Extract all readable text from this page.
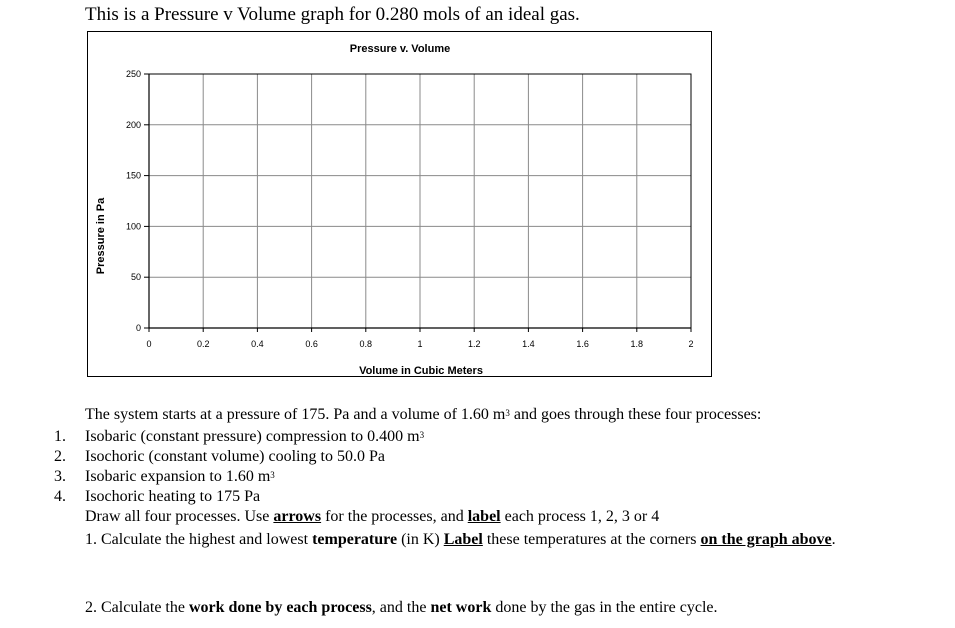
This is a Pressure v Volume graph for 0.280 mols of an ideal gas.
Pressure v. Volume
Volume in Cubic Meters
Pressure in Pa
0	0.2	0.4	0.6	0.8	1	1.2	1.4	1.6	1.8	2
0
50
100
150
200
250
The system starts at a pressure of 175. Pa and a volume of 1.60 $m^3$ and goes through these four processes:
1. Isobaric (constant pressure) compression to 0.400 $m^3$
2. Isochoric (constant volume) cooling to 50.0 Pa
3. Isobaric expansion to 1.60 $m^3$
4. Isochoric heating to 175 Pa
Draw all four processes. Use arrows for the processes, and label each process 1, 2, 3 or 4
1. Calculate the highest and lowest temperature (in K) Label these temperatures at the corners on the graph above.
2. Calculate the work done by each process, and the net work done by the gas in the entire cycle.
